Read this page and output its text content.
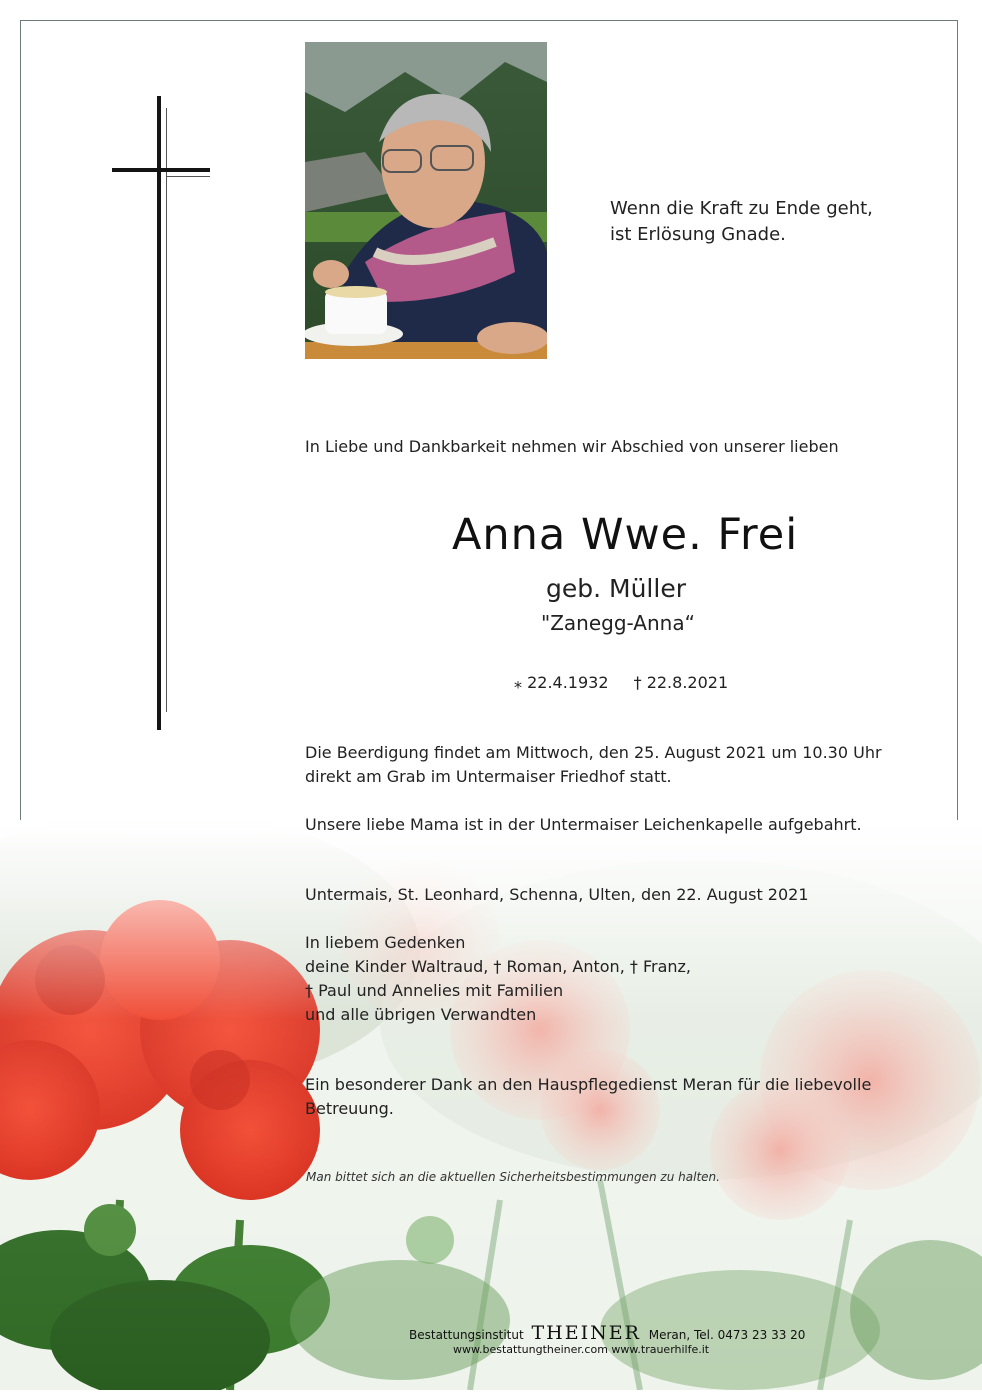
Wenn die Kraft zu Ende geht,
ist Erlösung Gnade.
In Liebe und Dankbarkeit nehmen wir Abschied von unserer lieben
Anna Wwe. Frei
geb. Müller
"Zanegg-Anna“
⁎ 22.4.1932 † 22.8.2021
Die Beerdigung findet am Mittwoch, den 25. August 2021 um 10.30 Uhr
direkt am Grab im Untermaiser Friedhof statt.
Unsere liebe Mama ist in der Untermaiser Leichenkapelle aufgebahrt.
Untermais, St. Leonhard, Schenna, Ulten, den 22. August 2021
In liebem Gedenken
deine Kinder Waltraud, † Roman, Anton, † Franz,
† Paul und Annelies mit Familien
und alle übrigen Verwandten
Ein besonderer Dank an den Hauspflegedienst Meran für die liebevolle
Betreuung.
Man bittet sich an die aktuellen Sicherheitsbestimmungen zu halten.
Bestattungsinstitut THEINER Meran, Tel. 0473 23 33 20
www.bestattungtheiner.com www.trauerhilfe.it
